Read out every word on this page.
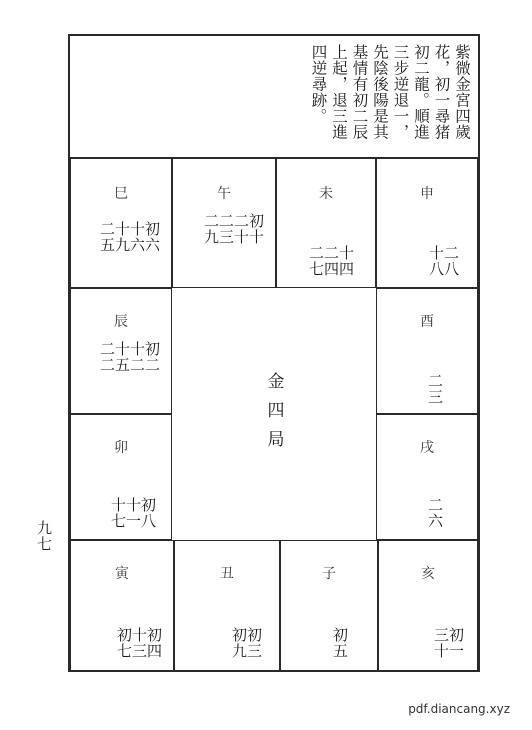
九七
紫微金宮四歲
花，初一尋猪
初二龍。順進
三步逆退一，
先陰後陽是其
基情有初二辰
上起，退三進
四逆尋跡。
金四局
巳
初六
十六
十九
二五
午
初十
二十
二三
二九
未
十四
二四
二七
申
二八
十八
辰
初二
十二
十五
二二
酉
二三
卯
初八
十一
十七
戌
二六
寅
初四
十三
初七
丑
初三
初九
子
初五
亥
初一
三十
pdf.diancang.xyz
